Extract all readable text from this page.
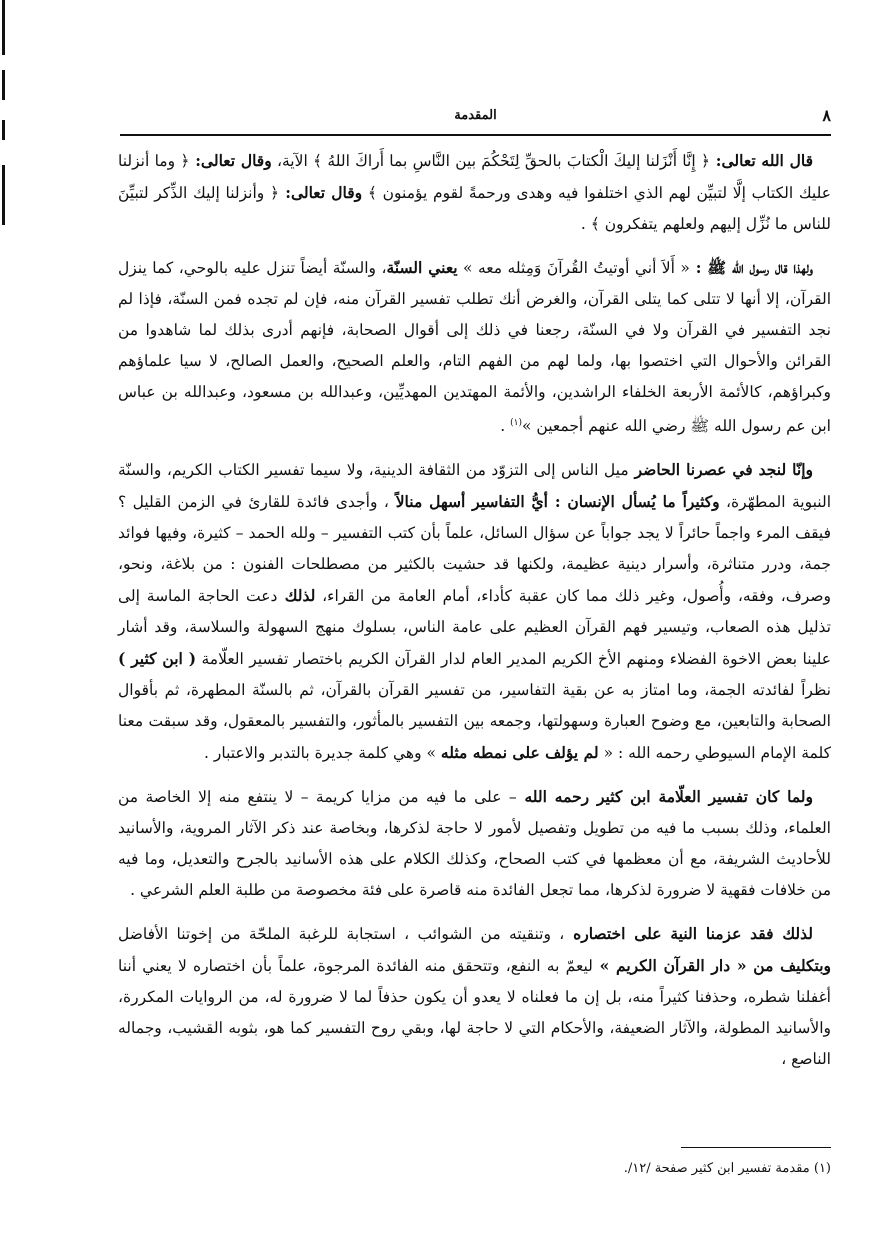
٨
المقدمة

قال الله تعالى: ﴿ إِنَّا أَنْزَلنا إليكَ الْكتابَ بالحقِّ لِتَحْكُمَ بين النَّاسِ بما أَراكَ اللهُ ﴾ الآية، وقال تعالى: ﴿ وما أنزلنا عليك الكتاب إلَّا لتبيِّن لهم الذي اختلفوا فيه وهدى ورحمةً لقوم يؤمنون ﴾ وقال تعالى: ﴿ وأنزلنا إليك الذِّكر لتبيِّنَ للناس ما نُزِّل إليهم ولعلهم يتفكرون ﴾ .

ولهذا قال رسول الله ﷺ : « أَلاَ أني أوتيتُ القُرآنَ وَمِثله معه » يعني السنّة، والسنّة أيضاً تنزل عليه بالوحي، كما ينزل القرآن، إلا أنها لا تتلى كما يتلى القرآن، والغرض أنك تطلب تفسير القرآن منه، فإن لم تجده فمن السنّة، فإذا لم نجد التفسير في القرآن ولا في السنّة، رجعنا في ذلك إلى أقوال الصحابة، فإنهم أدرى بذلك لما شاهدوا من القرائن والأحوال التي اختصوا بها، ولما لهم من الفهم التام، والعلم الصحيح، والعمل الصالح، لا سيا علماؤهم وكبراؤهم، كالأئمة الأربعة الخلفاء الراشدين، والأئمة المهتدين المهديِّين، وعبدالله بن مسعود، وعبدالله بن عباس ابن عم رسول الله ﷺ رضي الله عنهم أجمعين »$^{(١)}$ .

وإنّا لنجد في عصرنا الحاضر ميل الناس إلى التزوّد من الثقافة الدينية، ولا سيما تفسير الكتاب الكريم، والسنّة النبوية المطهّرة، وكثيراً ما يُسأل الإنسان : أيُّ التفاسير أسهل منالاً ، وأجدى فائدة للقارئ في الزمن القليل ؟ فيقف المرء واجماً حائراً لا يجد جواباً عن سؤال السائل، علماً بأن كتب التفسير – ولله الحمد – كثيرة، وفيها فوائد جمة، ودرر متناثرة، وأسرار دينية عظيمة، ولكنها قد حشيت بالكثير من مصطلحات الفنون : من بلاغة، ونحو، وصرف، وفقه، وأُصول، وغير ذلك مما كان عقبة كأداء، أمام العامة من القراء، لذلك دعت الحاجة الماسة إلى تذليل هذه الصعاب، وتيسير فهم القرآن العظيم على عامة الناس، بسلوك منهج السهولة والسلاسة، وقد أشار علينا بعض الاخوة الفضلاء ومنهم الأخ الكريم المدير العام لدار القرآن الكريم باختصار تفسير العلّامة ( ابن كثير ) نظراً لفائدته الجمة، وما امتاز به عن بقية التفاسير، من تفسير القرآن بالقرآن، ثم بالسنّة المطهرة، ثم بأقوال الصحابة والتابعين، مع وضوح العبارة وسهولتها، وجمعه بين التفسير بالمأثور، والتفسير بالمعقول، وقد سبقت معنا كلمة الإمام السيوطي رحمه الله : « لم يؤلف على نمطه مثله » وهي كلمة جديرة بالتدبر والاعتبار .

ولما كان تفسير العلّامة ابن كثير رحمه الله – على ما فيه من مزايا كريمة – لا ينتفع منه إلا الخاصة من العلماء، وذلك بسبب ما فيه من تطويل وتفصيل لأمور لا حاجة لذكرها، وبخاصة عند ذكر الآثار المروية، والأسانيد للأحاديث الشريفة، مع أن معظمها في كتب الصحاح، وكذلك الكلام على هذه الأسانيد بالجرح والتعديل، وما فيه من خلافات فقهية لا ضرورة لذكرها، مما تجعل الفائدة منه قاصرة على فئة مخصوصة من طلبة العلم الشرعي .

لذلك فقد عزمنا النية على اختصاره ، وتنقيته من الشوائب ، استجابة للرغبة الملحّة من إخوتنا الأفاضل وبتكليف من « دار القرآن الكريم » ليعمّ به النفع، وتتحقق منه الفائدة المرجوة، علماً بأن اختصاره لا يعني أننا أغفلنا شطره، وحذفنا كثيراً منه، بل إن ما فعلناه لا يعدو أن يكون حذفاً لما لا ضرورة له، من الروايات المكررة، والأسانيد المطولة، والآثار الضعيفة، والأحكام التي لا حاجة لها، وبقي روح التفسير كما هو، بثوبه القشيب، وجماله الناصع ،

(١) مقدمة تفسير ابن كثير صفحة /١٢/.
